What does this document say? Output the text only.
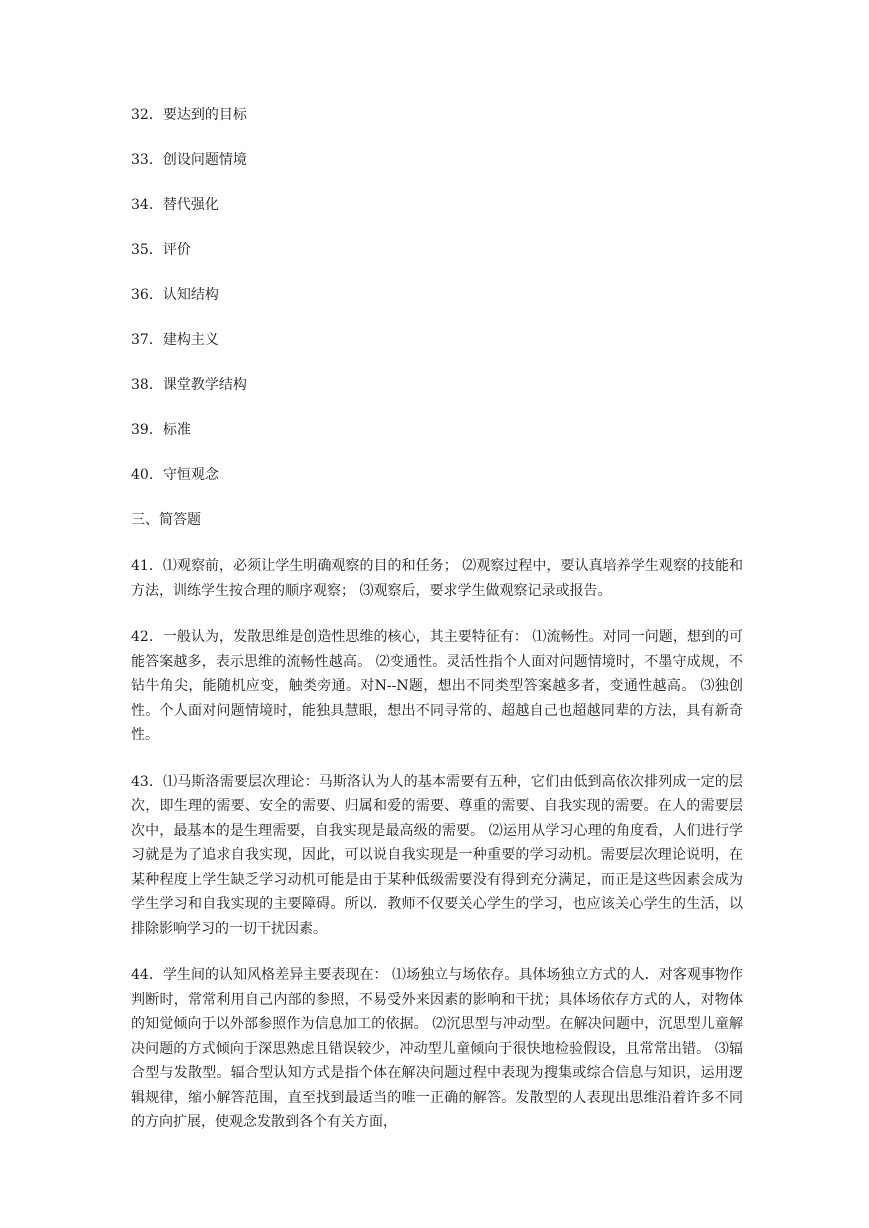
32．要达到的目标

33．创设问题情境

34．替代强化

35．评价

36．认知结构

37．建构主义

38．课堂教学结构

39．标准

40．守恒观念

三、简答题

41．⑴观察前，必须让学生明确观察的目的和任务； ⑵观察过程中，要认真培养学生观察的技能和方法，训练学生按合理的顺序观察； ⑶观察后，要求学生做观察记录或报告。

42．一般认为，发散思维是创造性思维的核心，其主要特征有： ⑴流畅性。对同一问题，想到的可能答案越多，表示思维的流畅性越高。 ⑵变通性。灵活性指个人面对问题情境时，不墨守成规，不钻牛角尖，能随机应变，触类旁通。对N--N题，想出不同类型答案越多者，变通性越高。 ⑶独创性。个人面对问题情境时，能独具慧眼，想出不同寻常的、超越自己也超越同辈的方法，具有新奇性。

43．⑴马斯洛需要层次理论：马斯洛认为人的基本需要有五种，它们由低到高依次排列成一定的层次，即生理的需要、安全的需要、归属和爱的需要、尊重的需要、自我实现的需要。在人的需要层次中，最基本的是生理需要，自我实现是最高级的需要。 ⑵运用从学习心理的角度看，人们进行学习就是为了追求自我实现，因此，可以说自我实现是一种重要的学习动机。需要层次理论说明，在某种程度上学生缺乏学习动机可能是由于某种低级需要没有得到充分满足，而正是这些因素会成为学生学习和自我实现的主要障碍。所以．教师不仅要关心学生的学习，也应该关心学生的生活，以排除影响学习的一切干扰因素。

44．学生间的认知风格差异主要表现在： ⑴场独立与场依存。具体场独立方式的人．对客观事物作判断时，常常利用自己内部的参照，不易受外来因素的影响和干扰；具体场依存方式的人，对物体的知觉倾向于以外部参照作为信息加工的依据。 ⑵沉思型与冲动型。在解决问题中，沉思型儿童解决问题的方式倾向于深思熟虑且错误较少，冲动型儿童倾向于很快地检验假设，且常常出错。 ⑶辐合型与发散型。辐合型认知方式是指个体在解决问题过程中表现为搜集或综合信息与知识，运用逻辑规律，缩小解答范围，直至找到最适当的唯一正确的解答。发散型的人表现出思维沿着许多不同的方向扩展，使观念发散到各个有关方面，
